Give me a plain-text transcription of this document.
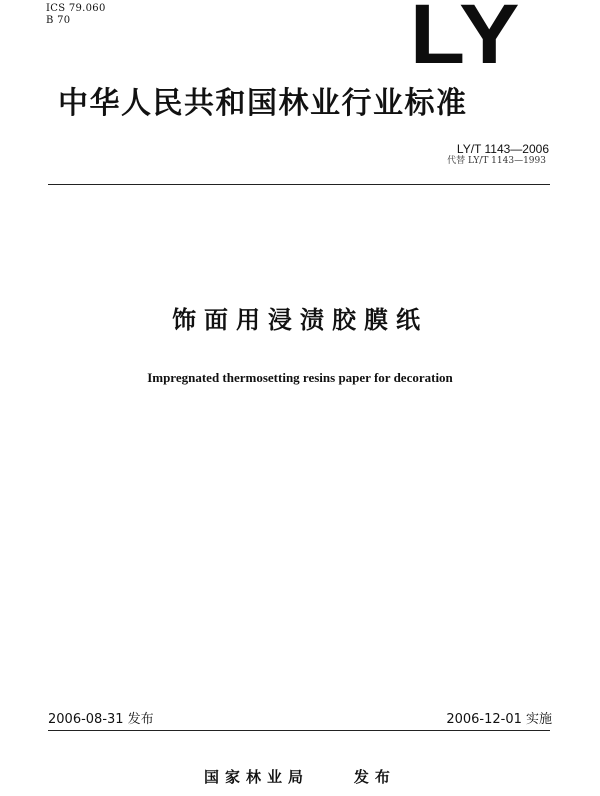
ICS 79.060
B 70	LY
中华人民共和国林业行业标准
LY/T 1143—2006
代替 LY/T 1143—1993
饰面用浸渍胶膜纸
Impregnated thermosetting resins paper for decoration
2006-08-31 发布	2006-12-01 实施
国家林业局    发布
